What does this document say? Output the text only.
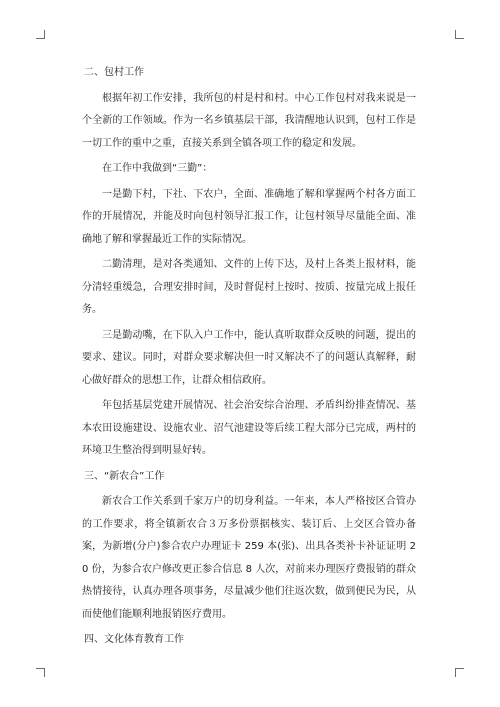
二、包村工作

根据年初工作安排，我所包的村是村和村。中心工作包村对我来说是一个全新的工作领域。作为一名乡镇基层干部，我清醒地认识到，包村工作是一切工作的重中之重，直接关系到全镇各项工作的稳定和发展。

在工作中我做到“三勤”：

一是勤下村，下社、下农户，全面、准确地了解和掌握两个村各方面工作的开展情况，并能及时向包村领导汇报工作，让包村领导尽量能全面、准确地了解和掌握最近工作的实际情况。

二勤清理，是对各类通知、文件的上传下达，及村上各类上报材料，能分清轻重缓急，合理安排时间，及时督促村上按时、按质、按量完成上报任务。

三是勤动嘴，在下队入户工作中，能认真听取群众反映的问题，提出的要求、建议。同时，对群众要求解决但一时又解决不了的问题认真解释，耐心做好群众的思想工作，让群众相信政府。

年包括基层党建开展情况、社会治安综合治理、矛盾纠纷排查情况、基本农田设施建设、设施农业、沼气池建设等后续工程大部分已完成，两村的环境卫生整治得到明显好转。

三、“新农合”工作

新农合工作关系到千家万户的切身利益。一年来，本人严格按区合管办的工作要求，将全镇新农合３万多份票据核实、装订后、上交区合管办备案，为新增(分户)参合农户办理证卡 259 本(张)、出具各类补卡补证证明 20 份，为参合农户修改更正参合信息 8 人次，对前来办理医疗费报销的群众热情接待，认真办理各项事务，尽量减少他们往返次数，做到便民为民，从而使他们能顺利地报销医疗费用。

四、文化体育教育工作
